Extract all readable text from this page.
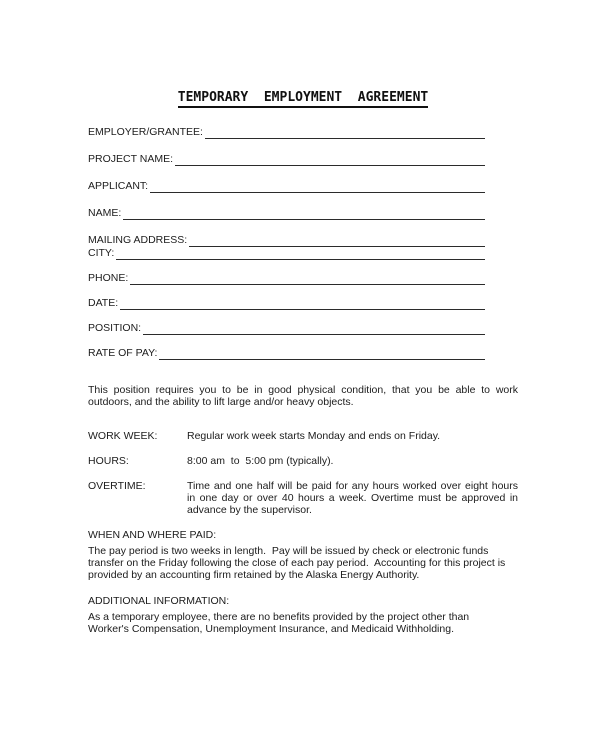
TEMPORARY  EMPLOYMENT  AGREEMENT
EMPLOYER/GRANTEE:
PROJECT NAME:
APPLICANT:
NAME:
MAILING ADDRESS:
CITY:
PHONE:
DATE:
POSITION:
RATE OF PAY:
This position requires you to be in good physical condition, that you be able to work
outdoors, and the ability to lift large and/or heavy objects.
WORK WEEK:	Regular work week starts Monday and ends on Friday.
HOURS:	8:00 am  to  5:00 pm (typically).
OVERTIME:	Time and one half will be paid for any hours worked over eight hours
in one day or over 40 hours a week. Overtime must be approved in
advance by the supervisor.
WHEN AND WHERE PAID:
The pay period is two weeks in length.  Pay will be issued by check or electronic funds
transfer on the Friday following the close of each pay period.  Accounting for this project is
provided by an accounting firm retained by the Alaska Energy Authority.
ADDITIONAL INFORMATION:
As a temporary employee, there are no benefits provided by the project other than
Worker's Compensation, Unemployment Insurance, and Medicaid Withholding.
